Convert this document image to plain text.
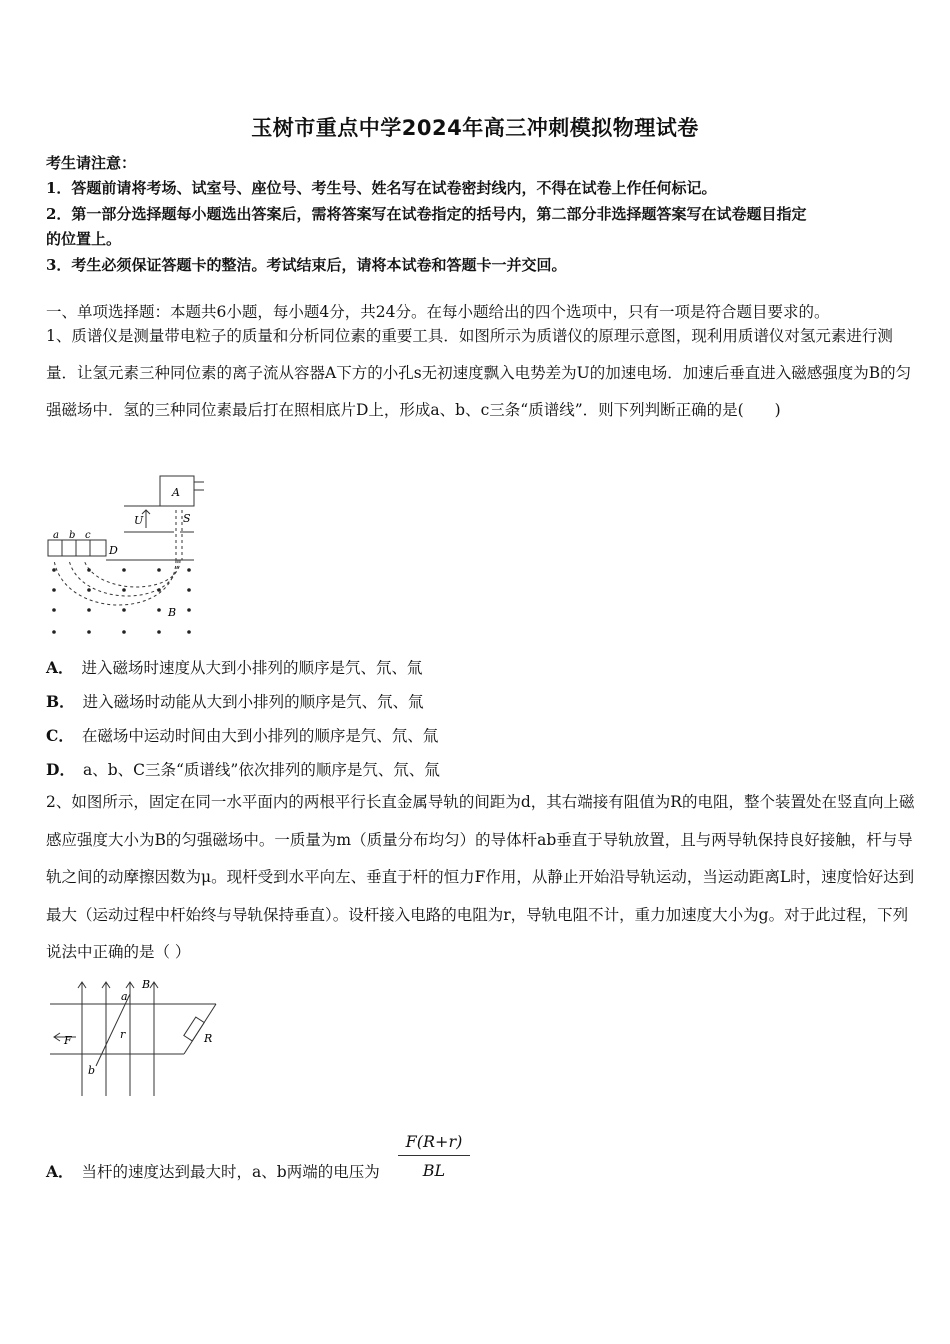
玉树市重点中学2024年高三冲刺模拟物理试卷
考生请注意：
1．答题前请将考场、试室号、座位号、考生号、姓名写在试卷密封线内，不得在试卷上作任何标记。
2．第一部分选择题每小题选出答案后，需将答案写在试卷指定的括号内，第二部分非选择题答案写在试卷题目指定
的位置上。
3．考生必须保证答题卡的整洁。考试结束后，请将本试卷和答题卡一并交回。
一、单项选择题：本题共6小题，每小题4分，共24分。在每小题给出的四个选项中，只有一项是符合题目要求的。
1、质谱仪是测量带电粒子的质量和分析同位素的重要工具．如图所示为质谱仪的原理示意图，现利用质谱仪对氢元素进行测量．让氢元素三种同位素的离子流从容器A下方的小孔s无初速度飘入电势差为U的加速电场．加速后垂直进入磁感强度为B的匀强磁场中．氢的三种同位素最后打在照相底片D上，形成a、b、c三条“质谱线”．则下列判断正确的是(　　)
A
U	S
a b c
D
B
A． 进入磁场时速度从大到小排列的顺序是氕、氘、氚
B． 进入磁场时动能从大到小排列的顺序是氕、氘、氚
C． 在磁场中运动时间由大到小排列的顺序是氕、氘、氚
D． a、b、C三条“质谱线”依次排列的顺序是氕、氘、氚
2、如图所示，固定在同一水平面内的两根平行长直金属导轨的间距为d，其右端接有阻值为R的电阻，整个装置处在竖直向上磁感应强度大小为B的匀强磁场中。一质量为m（质量分布均匀）的导体杆ab垂直于导轨放置，且与两导轨保持良好接触，杆与导轨之间的动摩擦因数为μ。现杆受到水平向左、垂直于杆的恒力F作用，从静止开始沿导轨运动，当运动距离L时，速度恰好达到最大（运动过程中杆始终与导轨保持垂直）。设杆接入电路的电阻为r，导轨电阻不计，重力加速度大小为g。对于此过程，下列说法中正确的是（ ）
a
B
F	r	R
b
A． 当杆的速度达到最大时，a、b两端的电压为 $\frac{F(R+r)}{BL}$
